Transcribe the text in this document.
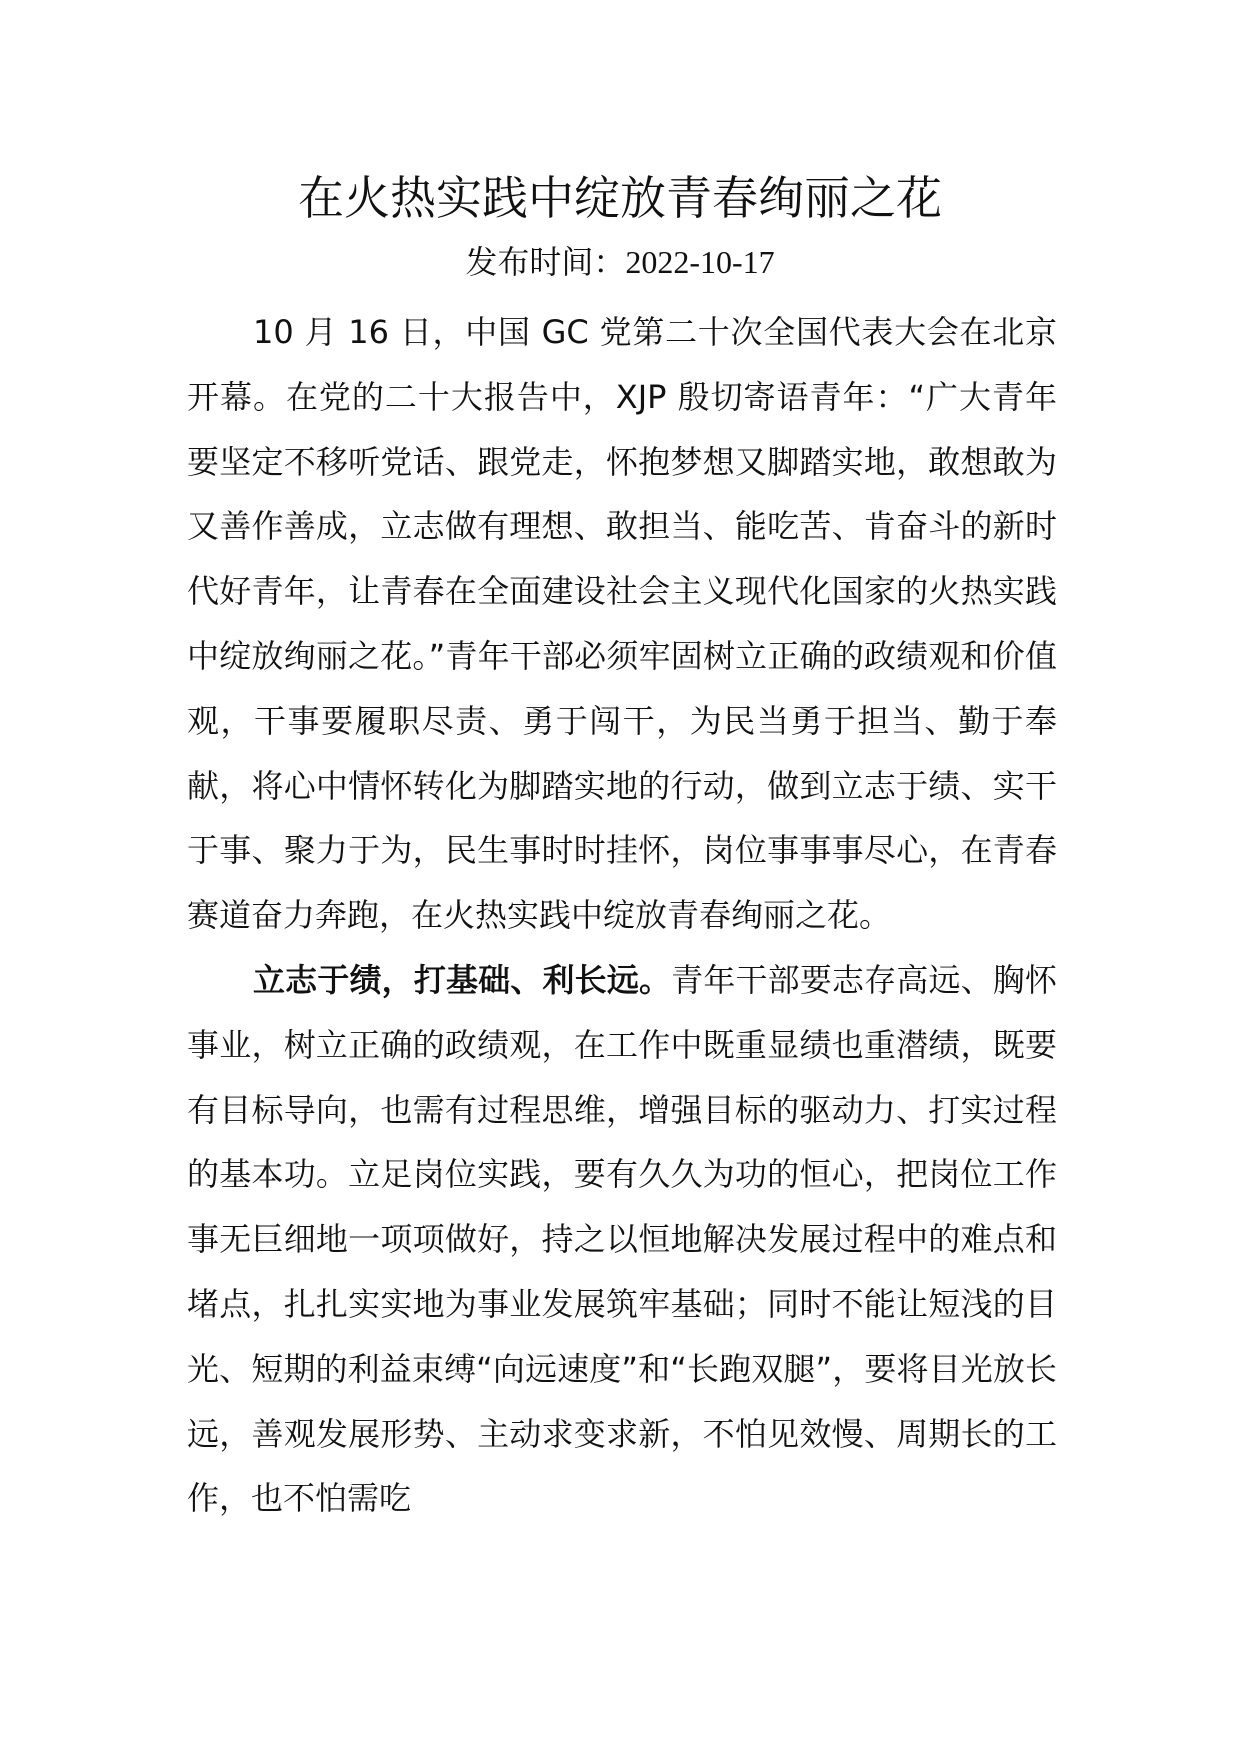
在火热实践中绽放青春绚丽之花
发布时间：2022-10-17

10 月 16 日，中国 GC 党第二十次全国代表大会在北京开幕。在党的二十大报告中，XJP 殷切寄语青年：“广大青年要坚定不移听党话、跟党走，怀抱梦想又脚踏实地，敢想敢为又善作善成，立志做有理想、敢担当、能吃苦、肯奋斗的新时代好青年，让青春在全面建设社会主义现代化国家的火热实践中绽放绚丽之花。”青年干部必须牢固树立正确的政绩观和价值观，干事要履职尽责、勇于闯干，为民当勇于担当、勤于奉献，将心中情怀转化为脚踏实地的行动，做到立志于绩、实干于事、聚力于为，民生事时时挂怀，岗位事事事尽心，在青春赛道奋力奔跑，在火热实践中绽放青春绚丽之花。

立志于绩，打基础、利长远。青年干部要志存高远、胸怀事业，树立正确的政绩观，在工作中既重显绩也重潜绩，既要有目标导向，也需有过程思维，增强目标的驱动力、打实过程的基本功。立足岗位实践，要有久久为功的恒心，把岗位工作事无巨细地一项项做好，持之以恒地解决发展过程中的难点和堵点，扎扎实实地为事业发展筑牢基础；同时不能让短浅的目光、短期的利益束缚“向远速度”和“长跑双腿”，要将目光放长远，善观发展形势、主动求变求新，不怕见效慢、周期长的工作，也不怕需吃
